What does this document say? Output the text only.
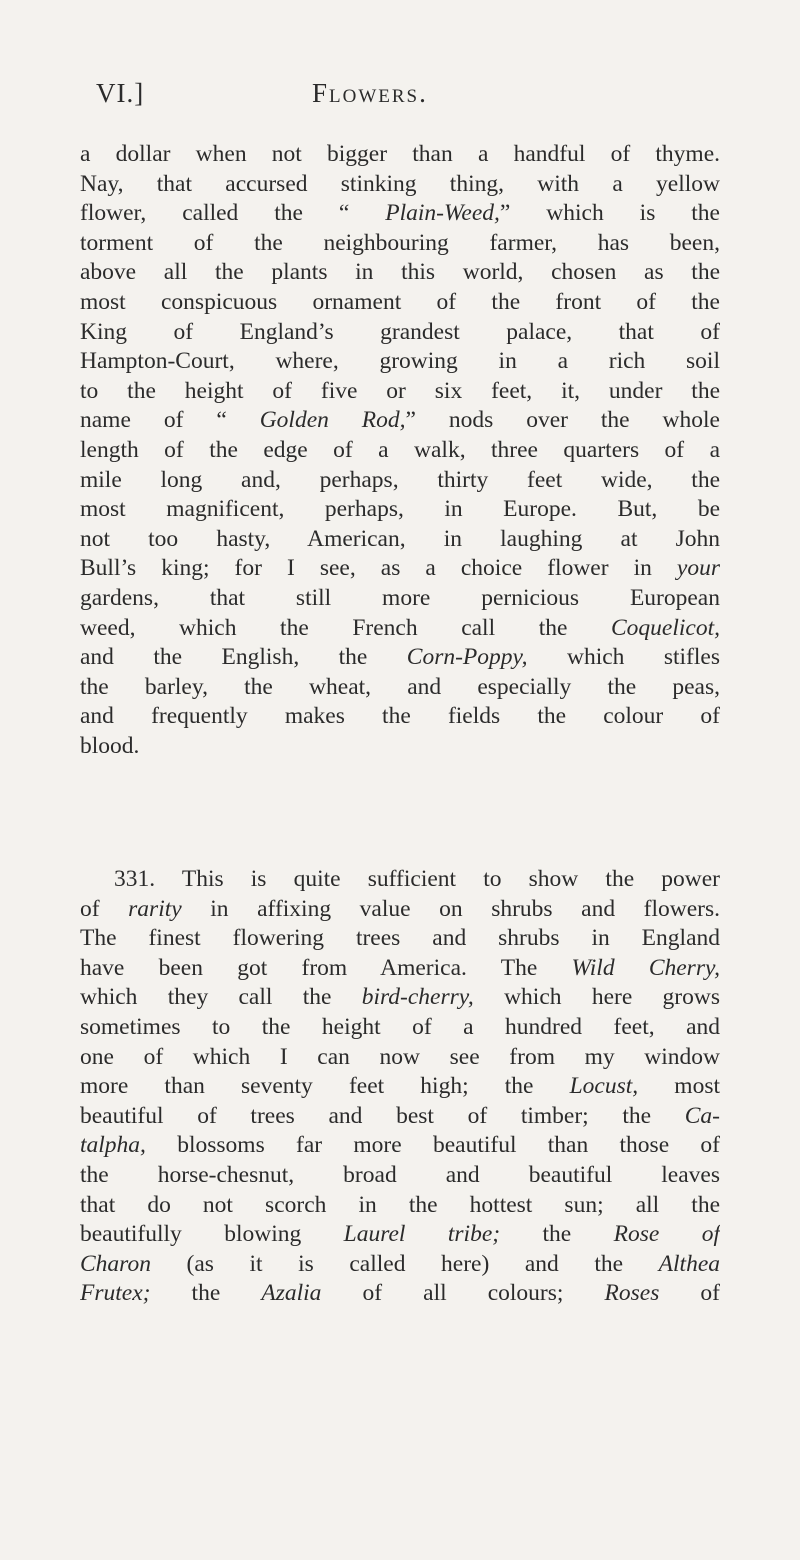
VI.]	Flowers.
a dollar when not bigger than a handful of thyme.
Nay, that accursed stinking thing, with a yellow
flower, called the “ Plain-Weed,” which is the
torment of the neighbouring farmer, has been,
above all the plants in this world, chosen as the
most conspicuous ornament of the front of the
King of England’s grandest palace, that of
Hampton-Court, where, growing in a rich soil
to the height of five or six feet, it, under the
name of “ Golden Rod,” nods over the whole
length of the edge of a walk, three quarters of a
mile long and, perhaps, thirty feet wide, the
most magnificent, perhaps, in Europe. But, be
not too hasty, American, in laughing at John
Bull’s king; for I see, as a choice flower in your
gardens, that still more pernicious European
weed, which the French call the Coquelicot,
and the English, the Corn-Poppy, which stifles
the barley, the wheat, and especially the peas,
and frequently makes the fields the colour of
blood.
331. This is quite sufficient to show the power
of rarity in affixing value on shrubs and flowers.
The finest flowering trees and shrubs in England
have been got from America. The Wild Cherry,
which they call the bird-cherry, which here grows
sometimes to the height of a hundred feet, and
one of which I can now see from my window
more than seventy feet high; the Locust, most
beautiful of trees and best of timber; the Ca-
talpha, blossoms far more beautiful than those of
the horse-chesnut, broad and beautiful leaves
that do not scorch in the hottest sun; all the
beautifully blowing Laurel tribe; the Rose of
Charon (as it is called here) and the Althea
Frutex; the Azalia of all colours; Roses of
